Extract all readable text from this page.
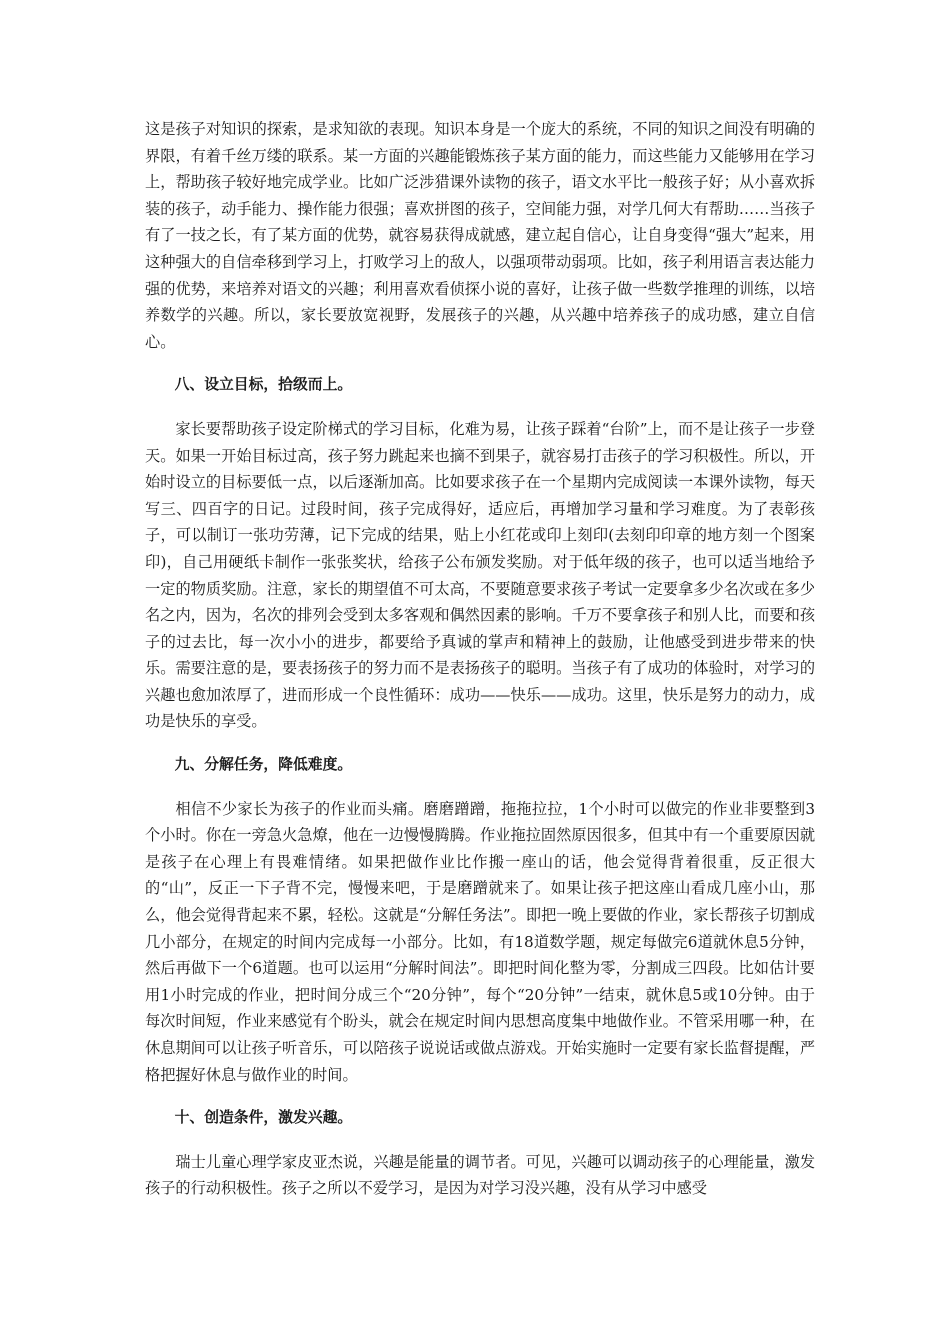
这是孩子对知识的探索，是求知欲的表现。知识本身是一个庞大的系统，不同的知识之间没有明确的界限，有着千丝万缕的联系。某一方面的兴趣能锻炼孩子某方面的能力，而这些能力又能够用在学习上，帮助孩子较好地完成学业。比如广泛涉猎课外读物的孩子，语文水平比一般孩子好；从小喜欢拆装的孩子，动手能力、操作能力很强；喜欢拼图的孩子，空间能力强，对学几何大有帮助……当孩子有了一技之长，有了某方面的优势，就容易获得成就感，建立起自信心，让自身变得“强大”起来，用这种强大的自信牵移到学习上，打败学习上的敌人，以强项带动弱项。比如，孩子利用语言表达能力强的优势，来培养对语文的兴趣；利用喜欢看侦探小说的喜好，让孩子做一些数学推理的训练，以培养数学的兴趣。所以，家长要放宽视野，发展孩子的兴趣，从兴趣中培养孩子的成功感，建立自信心。

八、设立目标，拾级而上。

家长要帮助孩子设定阶梯式的学习目标，化难为易，让孩子踩着“台阶”上，而不是让孩子一步登天。如果一开始目标过高，孩子努力跳起来也摘不到果子，就容易打击孩子的学习积极性。所以，开始时设立的目标要低一点，以后逐渐加高。比如要求孩子在一个星期内完成阅读一本课外读物，每天写三、四百字的日记。过段时间，孩子完成得好，适应后，再增加学习量和学习难度。为了表彰孩子，可以制订一张功劳薄，记下完成的结果，贴上小红花或印上刻印(去刻印印章的地方刻一个图案印)，自己用硬纸卡制作一张张奖状，给孩子公布颁发奖励。对于低年级的孩子，也可以适当地给予一定的物质奖励。注意，家长的期望值不可太高，不要随意要求孩子考试一定要拿多少名次或在多少名之内，因为，名次的排列会受到太多客观和偶然因素的影响。千万不要拿孩子和别人比，而要和孩子的过去比，每一次小小的进步，都要给予真诚的掌声和精神上的鼓励，让他感受到进步带来的快乐。需要注意的是，要表扬孩子的努力而不是表扬孩子的聪明。当孩子有了成功的体验时，对学习的兴趣也愈加浓厚了，进而形成一个良性循环：成功——快乐——成功。这里，快乐是努力的动力，成功是快乐的享受。

九、分解任务，降低难度。

相信不少家长为孩子的作业而头痛。磨磨蹭蹭，拖拖拉拉，1个小时可以做完的作业非要整到3个小时。你在一旁急火急燎，他在一边慢慢腾腾。作业拖拉固然原因很多，但其中有一个重要原因就是孩子在心理上有畏难情绪。如果把做作业比作搬一座山的话，他会觉得背着很重，反正很大的“山”，反正一下子背不完，慢慢来吧，于是磨蹭就来了。如果让孩子把这座山看成几座小山，那么，他会觉得背起来不累，轻松。这就是“分解任务法”。即把一晚上要做的作业，家长帮孩子切割成几小部分，在规定的时间内完成每一小部分。比如，有18道数学题，规定每做完6道就休息5分钟，然后再做下一个6道题。也可以运用“分解时间法”。即把时间化整为零，分割成三四段。比如估计要用1小时完成的作业，把时间分成三个“20分钟”，每个“20分钟”一结束，就休息5或10分钟。由于每次时间短，作业来感觉有个盼头，就会在规定时间内思想高度集中地做作业。不管采用哪一种，在休息期间可以让孩子听音乐，可以陪孩子说说话或做点游戏。开始实施时一定要有家长监督提醒，严格把握好休息与做作业的时间。

十、创造条件，激发兴趣。

瑞士儿童心理学家皮亚杰说，兴趣是能量的调节者。可见，兴趣可以调动孩子的心理能量，激发孩子的行动积极性。孩子之所以不爱学习，是因为对学习没兴趣，没有从学习中感受
